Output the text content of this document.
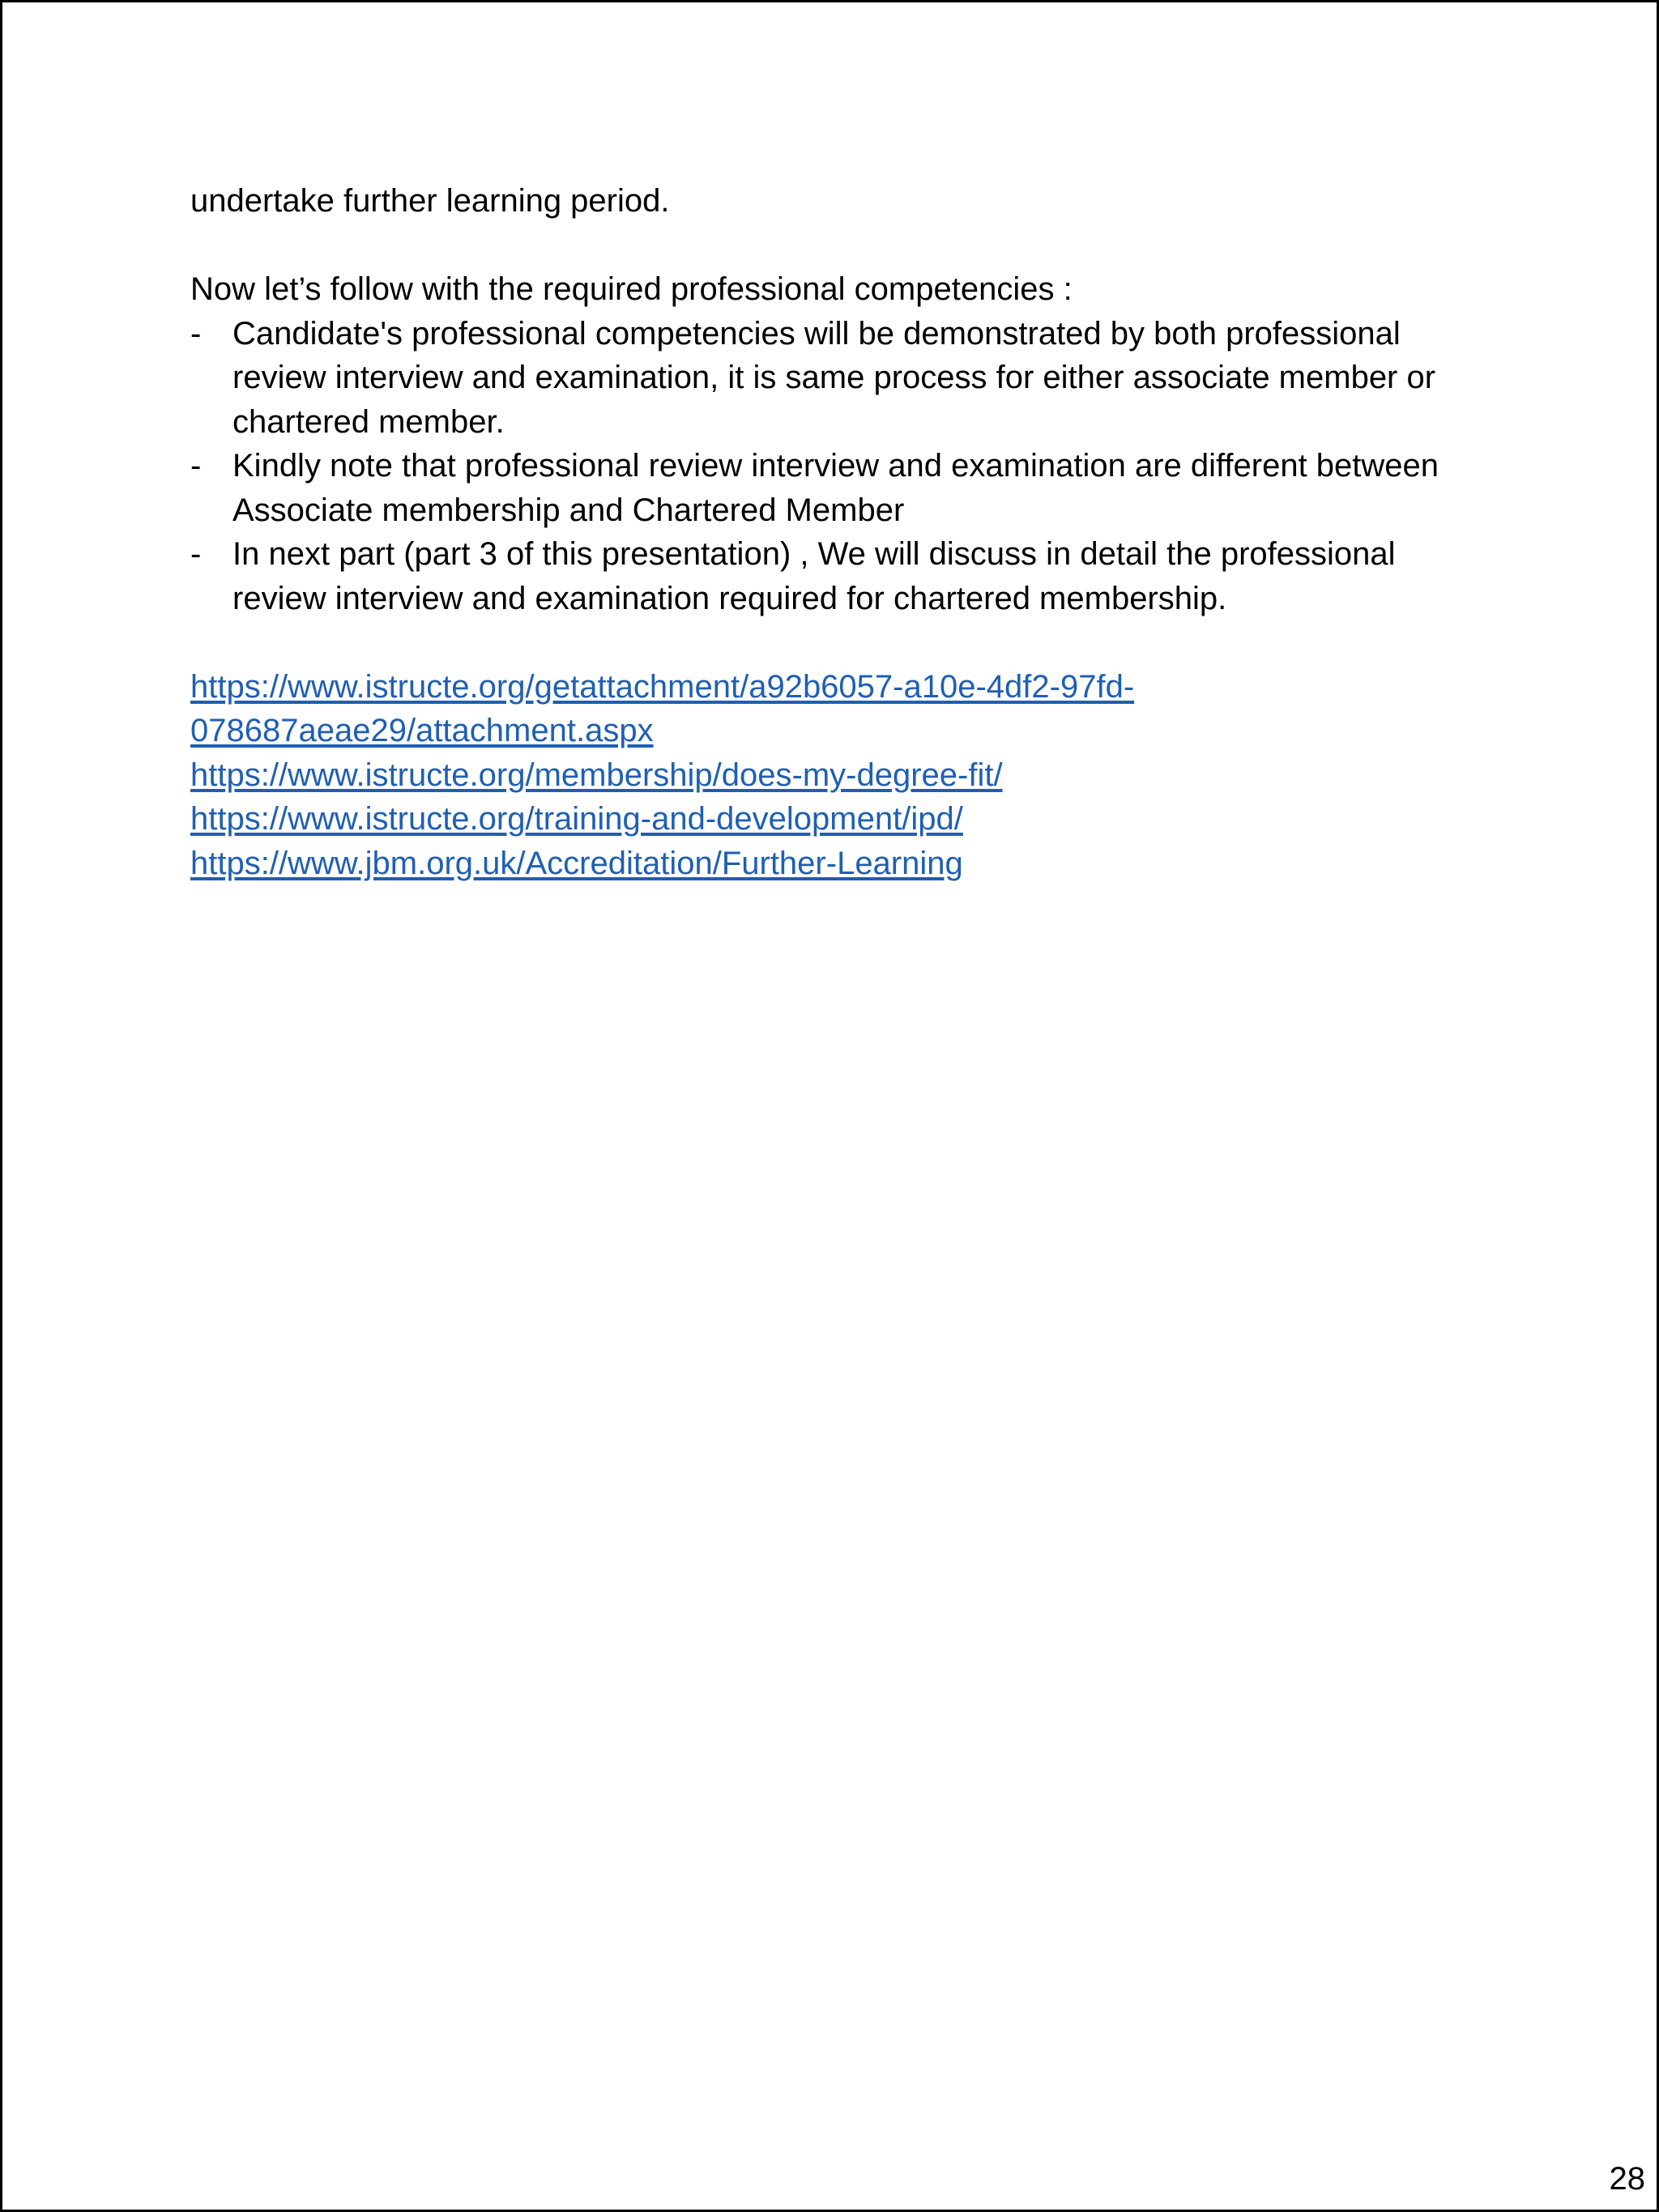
undertake further learning period.

Now let’s follow with the required professional competencies :

- Candidate's professional competencies will be demonstrated by both professional review interview and examination, it is same process for either associate member or chartered member.
- Kindly note that professional review interview and examination are different between Associate membership and Chartered Member
- In next part (part 3 of this presentation) , We will discuss in detail the professional review interview and examination required for chartered membership.
https://www.istructe.org/getattachment/a92b6057-a10e-4df2-97fd-
078687aeae29/attachment.aspx
https://www.istructe.org/membership/does-my-degree-fit/
https://www.istructe.org/training-and-development/ipd/
https://www.jbm.org.uk/Accreditation/Further-Learning
28
